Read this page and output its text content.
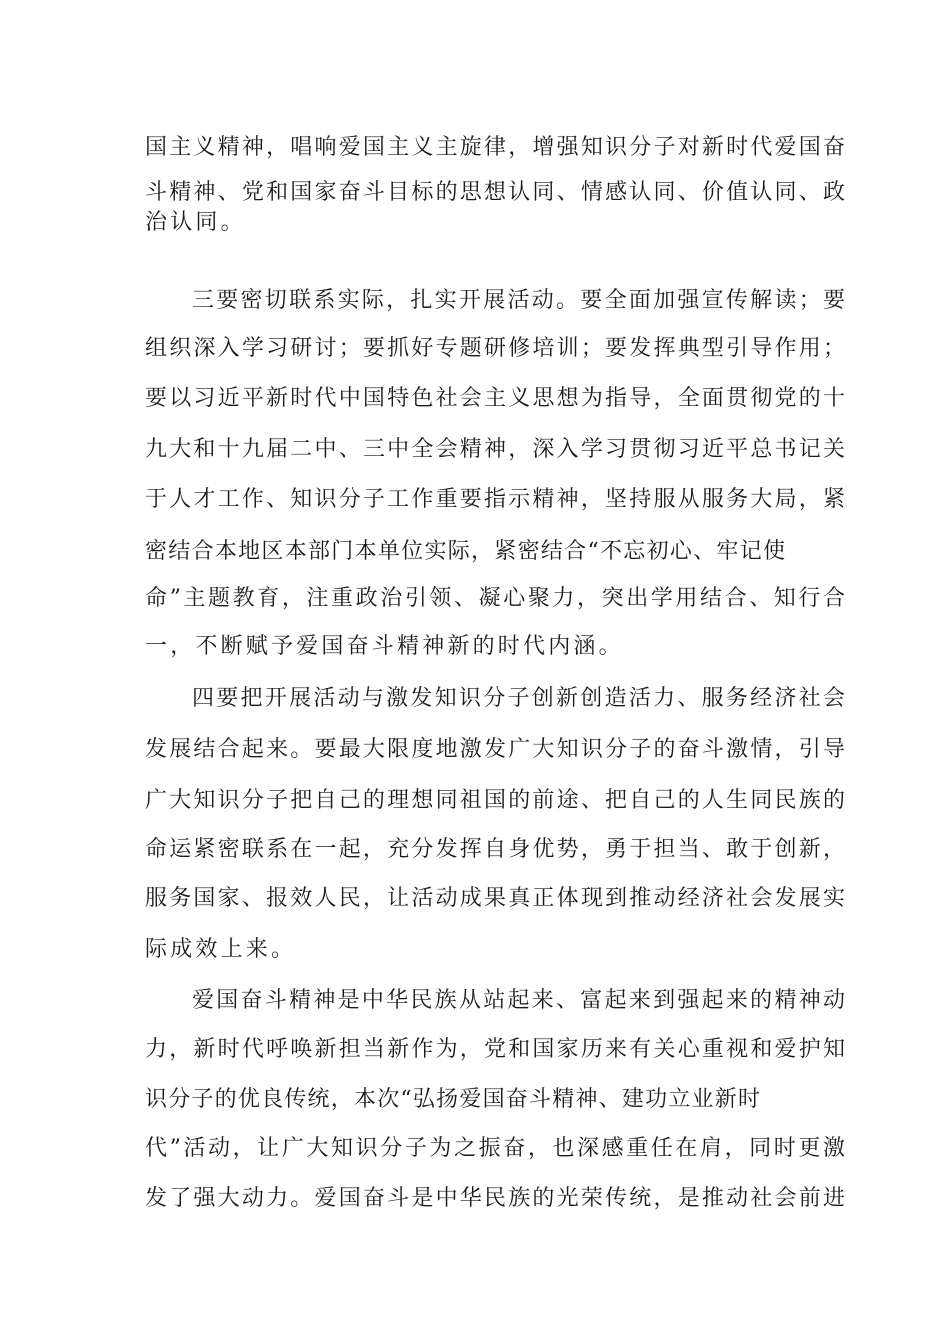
国主义精神，唱响爱国主义主旋律，增强知识分子对新时代爱国奋
斗精神、党和国家奋斗目标的思想认同、情感认同、价值认同、政
治认同。
三要密切联系实际，扎实开展活动。要全面加强宣传解读；要
组织深入学习研讨；要抓好专题研修培训；要发挥典型引导作用；
要以习近平新时代中国特色社会主义思想为指导，全面贯彻党的十
九大和十九届二中、三中全会精神，深入学习贯彻习近平总书记关
于人才工作、知识分子工作重要指示精神，坚持服从服务大局，紧
密结合本地区本部门本单位实际，紧密结合“不忘初心、牢记使
命”主题教育，注重政治引领、凝心聚力，突出学用结合、知行合
一，不断赋予爱国奋斗精神新的时代内涵。
四要把开展活动与激发知识分子创新创造活力、服务经济社会
发展结合起来。要最大限度地激发广大知识分子的奋斗激情，引导
广大知识分子把自己的理想同祖国的前途、把自己的人生同民族的
命运紧密联系在一起，充分发挥自身优势，勇于担当、敢于创新，
服务国家、报效人民，让活动成果真正体现到推动经济社会发展实
际成效上来。
爱国奋斗精神是中华民族从站起来、富起来到强起来的精神动
力，新时代呼唤新担当新作为，党和国家历来有关心重视和爱护知
识分子的优良传统，本次“弘扬爱国奋斗精神、建功立业新时
代”活动，让广大知识分子为之振奋，也深感重任在肩，同时更激
发了强大动力。爱国奋斗是中华民族的光荣传统，是推动社会前进
